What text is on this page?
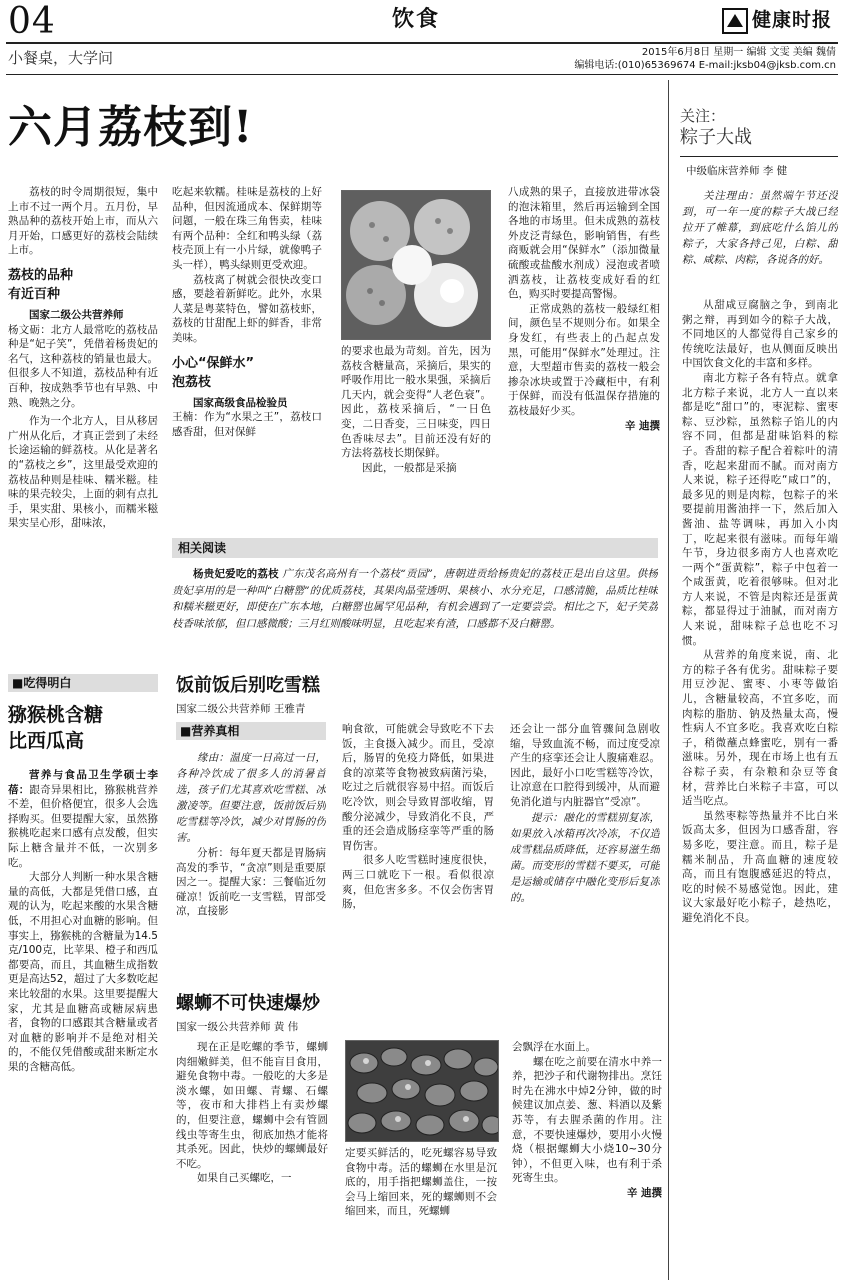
04	饮食	健康时报
小餐桌，大学问	2015年6月8日 星期一 编辑 文雯 美编 魏倩
编辑电话:(010)65369674 E-mail:jksb04@jksb.com.cn
六月荔枝到!

荔枝的时令周期很短，集中上市不过一两个月。五月份，早熟品种的荔枝开始上市，而从六月开始，口感更好的荔枝会陆续上市。

荔枝的品种
有近百种

国家二级公共营养师

杨文砺：北方人最常吃的荔枝品种是“妃子笑”，凭借着杨贵妃的名气，这种荔枝的销量也最大。但很多人不知道，荔枝品种有近百种，按成熟季节也有早熟、中熟、晚熟之分。

作为一个北方人，目从移居广州从化后，才真正尝到了未经长途运输的鲜荔枝。从化是著名的“荔枝之乡”，这里最受欢迎的荔枝品种则是桂味、糯米糍。桂味的果壳较尖，上面的刺有点扎手，果实甜、果核小，而糯米糍果实呈心形，甜味浓，

吃起来软糯。桂味是荔枝的上好品种，但因流通成本、保鲜期等问题，一般在珠三角售卖，桂味有两个品种：全红和鸭头绿（荔枝壳顶上有一小片绿，就像鸭子头一样），鸭头绿则更受欢迎。

荔枝离了树就会很快改变口感，要趁着新鲜吃。此外，水果人菜是粤菜特色，譬如荔枝虾，荔枝的甘甜配上虾的鲜香，非常美味。

小心“保鲜水”
泡荔枝

国家高级食品检验员

王楠：作为“水果之王”，荔枝口感香甜，但对保鲜

的要求也最为苛刻。首先，因为荔枝含糖量高，采摘后，果实的呼吸作用比一般水果强，采摘后几天内，就会变得“人老色衰”。因此，荔枝采摘后，“一日色变，二日香变，三日味变，四日色香味尽去”。目前还没有好的方法将荔枝长期保鲜。

因此，一般都是采摘

八成熟的果子，直接放进带冰袋的泡沫箱里，然后再运输到全国各地的市场里。但未成熟的荔枝外皮泛青绿色，影响销售，有些商贩就会用“保鲜水”（添加微量硫酸或盐酸水剂成）浸泡或者喷洒荔枝，让荔枝变成好看的红色，购买时要提高警惕。

正常成熟的荔枝一般绿红相间，颜色呈不规则分布。如果全身发红，有些表上的凸起点发黑，可能用“保鲜水”处理过。注意，大型超市售卖的荔枝一般会掺杂冰块或置于冷藏柜中，有利于保鲜，而没有低温保存措施的荔枝最好少买。

辛 迪撰
相关阅读
杨贵妃爱吃的荔枝 广东茂名高州有一个荔枝“贡园”，唐朝进贡给杨贵妃的荔枝正是出自这里。供杨贵妃享用的是一种叫“白糖罂”的优质荔枝，其果肉晶莹透明、果核小、水分充足，口感清脆，品质比桂味和糯米糍更好，即使在广东本地，白糖罂也属罕见品种，有机会遇到了一定要尝尝。相比之下，妃子笑荔枝香味浓郁，但口感微酸；三月红则酸味明显，且吃起来有渣，口感都不及白糖罂。
■吃得明白
猕猴桃含糖
比西瓜高

营养与食品卫生学硕士李蓓：跟奇异果相比，猕猴桃营养不差，但价格便宜，很多人会选择购买。但要提醒大家，虽然猕猴桃吃起来口感有点发酸，但实际上糖含量并不低，一次别多吃。

大部分人判断一种水果含糖量的高低，大都是凭借口感，直观的认为，吃起来酸的水果含糖低，不用担心对血糖的影响。但事实上，猕猴桃的含糖量为14.5克/100克，比苹果、橙子和西瓜都要高，而且，其血糖生成指数更是高达52，超过了大多数吃起来比较甜的水果。这里要提醒大家，尤其是血糖高或糖尿病患者，食物的口感跟其含糖量或者对血糖的影响并不是绝对相关的，不能仅凭借酸或甜来断定水果的含糖高低。

饭前饭后别吃雪糕
国家二级公共营养师 王雅青
■营养真相

缘由：温度一日高过一日，各种冷饮成了很多人的消暑首选，孩子们尤其喜欢吃雪糕、冰激凌等。但要注意，饭前饭后别吃雪糕等冷饮，减少对胃肠的伤害。

分析：每年夏天都是胃肠病高发的季节，“贪凉”则是重要原因之一。提醒大家：三餐临近勿碰凉！饭前吃一支雪糕，胃部受凉，直接影

响食欲，可能就会导致吃不下去饭，主食摄入减少。而且，受凉后，肠胃的免疫力降低，如果进食的凉菜等食物被致病菌污染，吃过之后就很容易中招。而饭后吃冷饮，则会导致胃部收缩，胃酸分泌减少，导致消化不良，严重的还会造成肠痉挛等严重的肠胃伤害。

很多人吃雪糕时速度很快，两三口就吃下一根。看似很凉爽，但危害多多。不仅会伤害胃肠，

还会让一部分血管骤间急剧收缩，导致血流不畅，而过度受凉产生的痉挛还会让人腹痛难忍。因此，最好小口吃雪糕等冷饮，让凉意在口腔得到缓冲，从而避免消化道与内脏器官“受凉”。

提示：融化的雪糕别复冻，如果放入冰箱再次冷冻，不仅造成雪糕品质降低，还容易滋生细菌。而变形的雪糕不要买，可能是运输或储存中融化变形后复冻的。

螺蛳不可快速爆炒
国家一级公共营养师 黄 伟

现在正是吃螺的季节，螺蛳肉细嫩鲜美，但不能盲目食用，避免食物中毒。一般吃的大多是淡水螺，如田螺、青螺、石螺等，夜市和大排档上有卖炒螺的，但要注意，螺蛳中会有管圆线虫等寄生虫，彻底加热才能将其杀死。因此，快炒的螺蛳最好不吃。

如果自己买螺吃，一

定要买鲜活的，吃死螺容易导致食物中毒。活的螺蛳在水里是沉底的，用手指把螺蛳盖住，一按会马上缩回来，死的螺蛳则不会缩回来，而且，死螺蛳

会飘浮在水面上。

螺在吃之前要在清水中养一养，把沙子和代谢物排出。烹饪时先在沸水中焯2分钟，做的时候建议加点姜、葱、料酒以及紫苏等，有去腥杀菌的作用。注意，不要快速爆炒，要用小火慢烧（根据螺蛳大小烧10~30分钟），不但更入味，也有利于杀死寄生虫。

辛 迪撰
关注：
粽子大战
中级临床营养师 李 健

关注理由：虽然端午节还没到，可一年一度的粽子大战已经拉开了帷幕，到底吃什么馅儿的粽子，大家各持己见，白粽、甜粽、咸粽、肉粽，各说各的好。

从甜咸豆腐脑之争，到南北粥之辩，再到如今的粽子大战，不同地区的人都觉得自己家乡的传统吃法最好，也从侧面反映出中国饮食文化的丰富和多样。

南北方粽子各有特点。就拿北方粽子来说，北方人一直以来都是吃“甜口”的，枣泥粽、蜜枣粽、豆沙粽，虽然粽子馅儿的内容不同，但都是甜味馅料的粽子。香甜的粽子配合着粽叶的清香，吃起来甜而不腻。而对南方人来说，粽子还得吃“咸口”的，最多见的则是肉粽，包粽子的米要提前用酱油拌一下，然后加入酱油、盐等调味，再加入小肉丁，吃起来很有滋味。而每年端午节，身边很多南方人也喜欢吃一两个“蛋黄粽”，粽子中包着一个咸蛋黄，吃着很够味。但对北方人来说，不管是肉粽还是蛋黄粽，都显得过于油腻，而对南方人来说，甜味粽子总也吃不习惯。

从营养的角度来说，南、北方的粽子各有优劣。甜味粽子要用豆沙泥、蜜枣、小枣等做馅儿，含糖量较高，不宜多吃，而肉粽的脂肪、钠及热量太高，慢性病人不宜多吃。我喜欢吃白粽子，稍微蘸点蜂蜜吃，别有一番滋味。另外，现在市场上也有五谷粽子卖，有杂粮和杂豆等食材，营养比白米粽子丰富，可以适当吃点。

虽然枣粽等热量并不比白米饭高太多，但因为口感香甜，容易多吃，要注意。而且，粽子是糯米制品，升高血糖的速度较高，而且有饱腹感延迟的特点，吃的时候不易感觉饱。因此，建议大家最好吃小粽子，趁热吃，避免消化不良。
